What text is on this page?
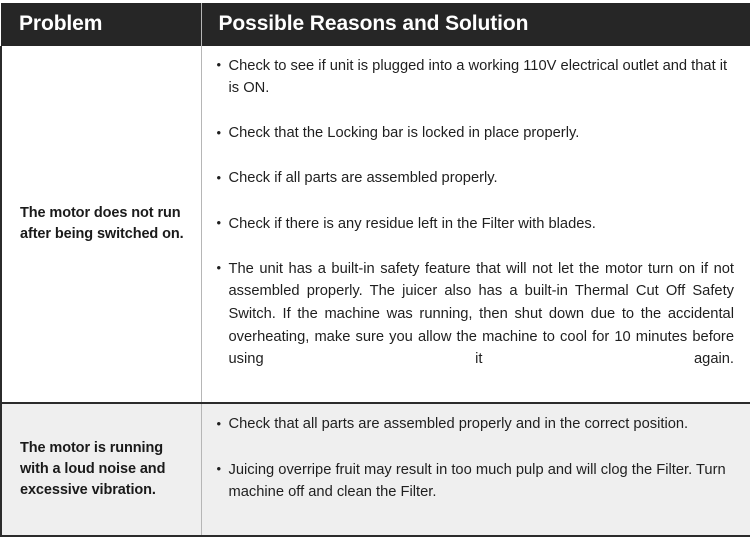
Problem	Possible Reasons and Solution

The motor does not run after being switched on.

• Check to see if unit is plugged into a working 110V electrical outlet and that it is ON.
• Check that the Locking bar is locked in place properly.
• Check if all parts are assembled properly.
• Check if there is any residue left in the Filter with blades.
• The unit has a built-in safety feature that will not let the motor turn on if not assembled properly. The juicer also has a built-in Thermal Cut Off Safety Switch. If the machine was running, then shut down due to the accidental overheating, make sure you allow the machine to cool for 10 minutes before using it again.

The motor is running with a loud noise and excessive vibration.

• Check that all parts are assembled properly and in the correct position.
• Juicing overripe fruit may result in too much pulp and will clog the Filter. Turn machine off and clean the Filter.
